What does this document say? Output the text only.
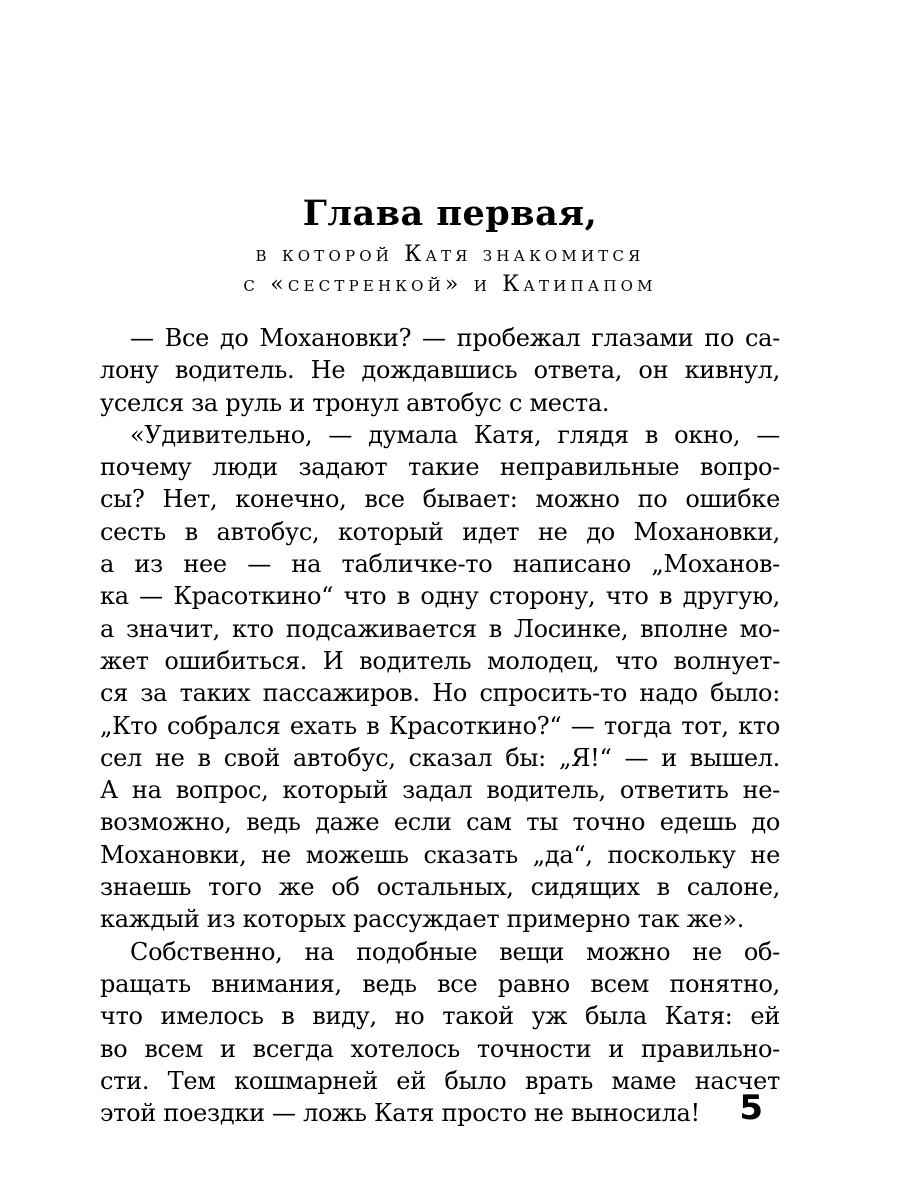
Глава первая,
в которой Катя знакомится
с «сестренкой» и Катипапом
— Все до Мохановки? — пробежал глазами по са-
лону водитель. Не дождавшись ответа, он кивнул,
уселся за руль и тронул автобус с места.
«Удивительно, — думала Катя, глядя в окно, —
почему люди задают такие неправильные вопро-
сы? Нет, конечно, все бывает: можно по ошибке
сесть в автобус, который идет не до Мохановки,
а из нее — на табличке-то написано „Моханов-
ка — Красоткино“ что в одну сторону, что в другую,
а значит, кто подсаживается в Лосинке, вполне мо-
жет ошибиться. И водитель молодец, что волнует-
ся за таких пассажиров. Но спросить-то надо было:
„Кто собрался ехать в Красоткино?“ — тогда тот, кто
сел не в свой автобус, сказал бы: „Я!“ — и вышел.
А на вопрос, который задал водитель, ответить не-
возможно, ведь даже если сам ты точно едешь до
Мохановки, не можешь сказать „да“, поскольку не
знаешь того же об остальных, сидящих в салоне,
каждый из которых рассуждает примерно так же».
Собственно, на подобные вещи можно не об-
ращать внимания, ведь все равно всем понятно,
что имелось в виду, но такой уж была Катя: ей
во всем и всегда хотелось точности и правильно-
сти. Тем кошмарней ей было врать маме насчет
этой поездки — ложь Катя просто не выносила!	5
